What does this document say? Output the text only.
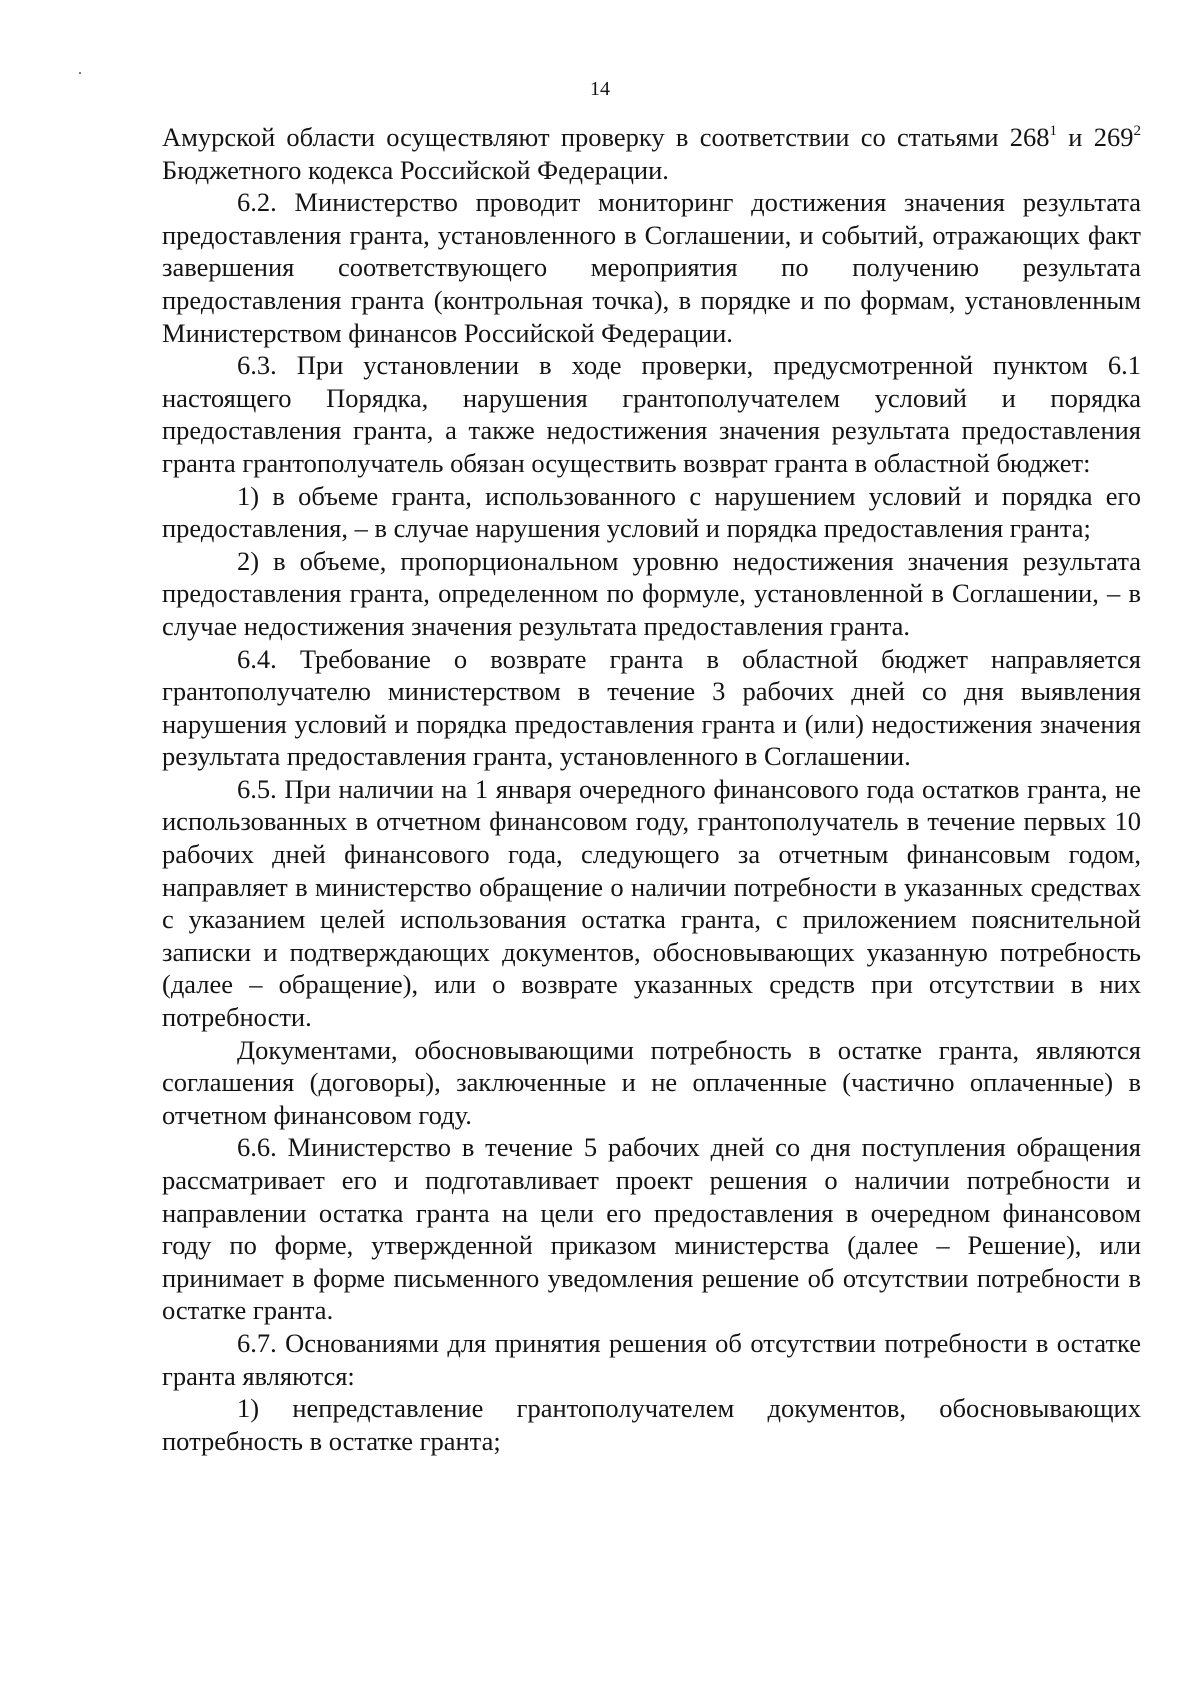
14

Амурской области осуществляют проверку в соответствии со статьями $268^1$ и $269^2$ Бюджетного кодекса Российской Федерации.

6.2. Министерство проводит мониторинг достижения значения результата предоставления гранта, установленного в Соглашении, и событий, отражающих факт завершения соответствующего мероприятия по получению результата предоставления гранта (контрольная точка), в порядке и по формам, установленным Министерством финансов Российской Федерации.

6.3. При установлении в ходе проверки, предусмотренной пунктом 6.1 настоящего Порядка, нарушения грантополучателем условий и порядка предоставления гранта, а также недостижения значения результата предоставления гранта грантополучатель обязан осуществить возврат гранта в областной бюджет:

1) в объеме гранта, использованного с нарушением условий и порядка его предоставления, – в случае нарушения условий и порядка предоставления гранта;

2) в объеме, пропорциональном уровню недостижения значения результата предоставления гранта, определенном по формуле, установленной в Соглашении, – в случае недостижения значения результата предоставления гранта.

6.4. Требование о возврате гранта в областной бюджет направляется грантополучателю министерством в течение 3 рабочих дней со дня выявления нарушения условий и порядка предоставления гранта и (или) недостижения значения результата предоставления гранта, установленного в Соглашении.

6.5. При наличии на 1 января очередного финансового года остатков гранта, не использованных в отчетном финансовом году, грантополучатель в течение первых 10 рабочих дней финансового года, следующего за отчетным финансовым годом, направляет в министерство обращение о наличии потребности в указанных средствах с указанием целей использования остатка гранта, с приложением пояснительной записки и подтверждающих документов, обосновывающих указанную потребность (далее – обращение), или о возврате указанных средств при отсутствии в них потребности.

Документами, обосновывающими потребность в остатке гранта, являются соглашения (договоры), заключенные и не оплаченные (частично оплаченные) в отчетном финансовом году.

6.6. Министерство в течение 5 рабочих дней со дня поступления обращения рассматривает его и подготавливает проект решения о наличии потребности и направлении остатка гранта на цели его предоставления в очередном финансовом году по форме, утвержденной приказом министерства (далее – Решение), или принимает в форме письменного уведомления решение об отсутствии потребности в остатке гранта.

6.7. Основаниями для принятия решения об отсутствии потребности в остатке гранта являются:

1) непредставление грантополучателем документов, обосновывающих потребность в остатке гранта;
